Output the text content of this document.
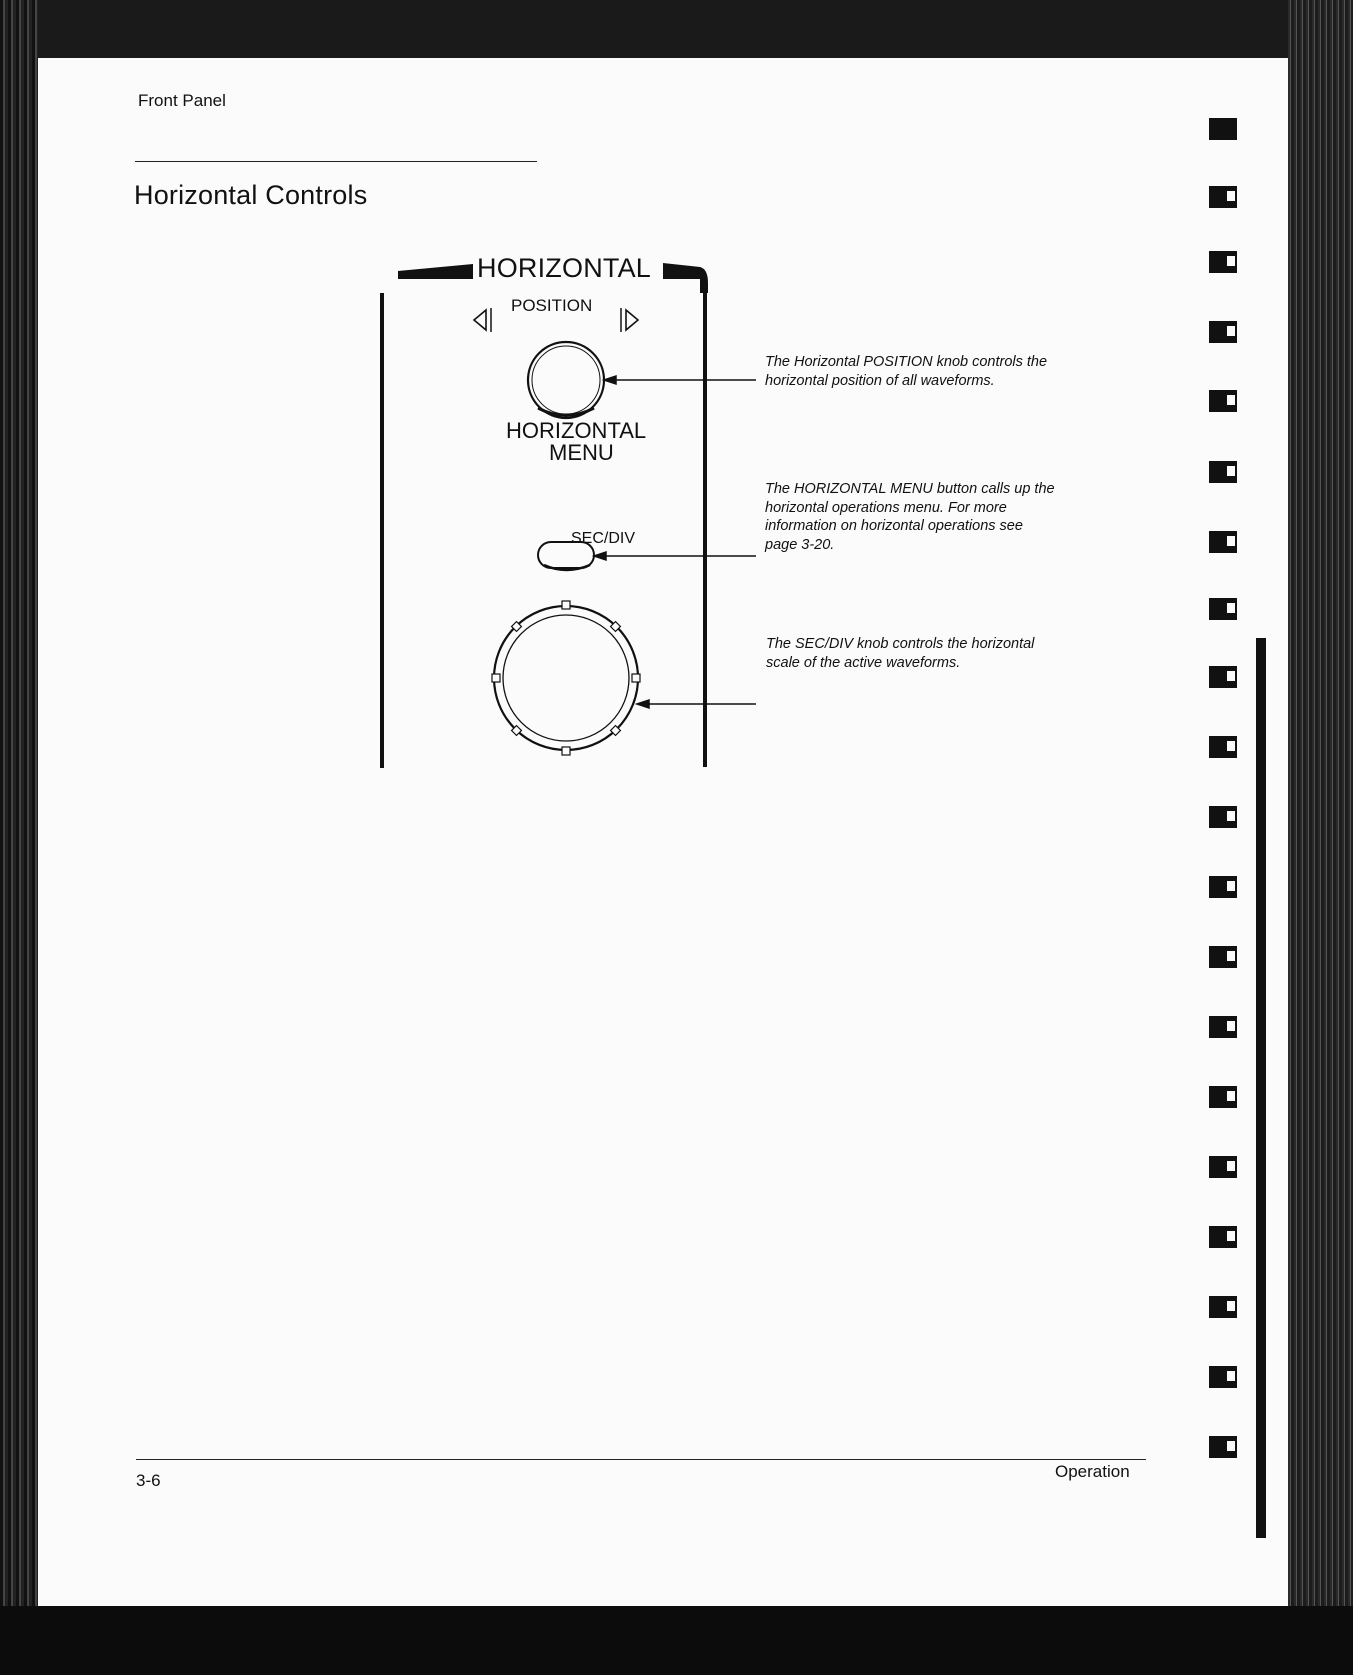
Front Panel
Horizontal Controls
HORIZONTAL
POSITION
HORIZONTAL
MENU
SEC/DIV
The Horizontal POSITION knob controls the horizontal position of all waveforms.
The HORIZONTAL MENU button calls up the horizontal operations menu. For more information on horizontal operations see page 3-20.
The SEC/DIV knob controls the horizontal scale of the active waveforms.
3-6	Operation
